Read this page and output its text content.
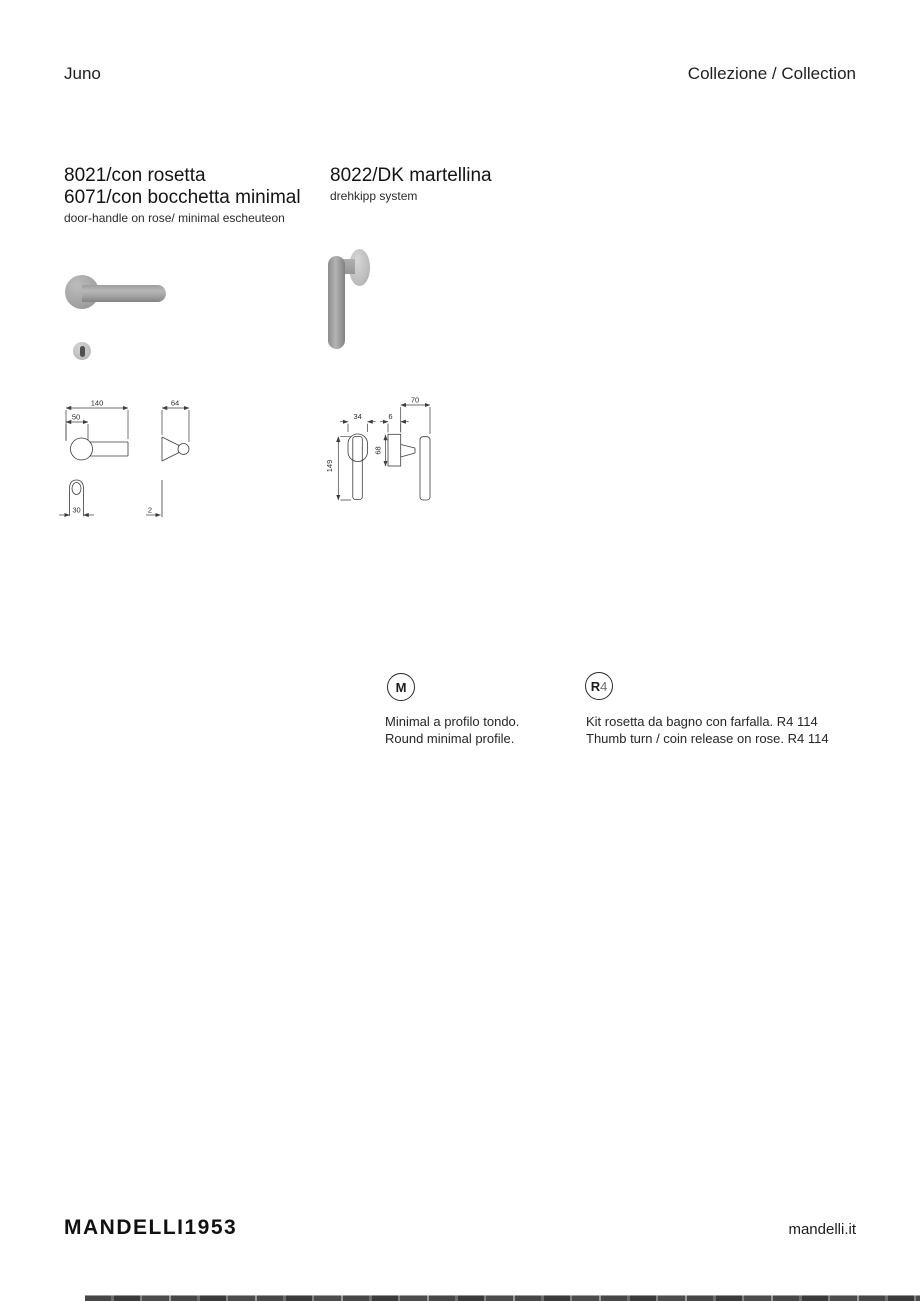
Juno	Collezione / Collection
8021/con rosetta
6071/con bocchetta minimal
door-handle on rose/ minimal escheuteon
8022/DK martellina
drehkipp system
140
50
64
30	2
34
149
70
6
68
M
Minimal a profilo tondo.
Round minimal profile.
R 4
Kit rosetta da bagno con farfalla. R4 114
Thumb turn / coin release on rose. R4 114
MANDELLI1953	mandelli.it
